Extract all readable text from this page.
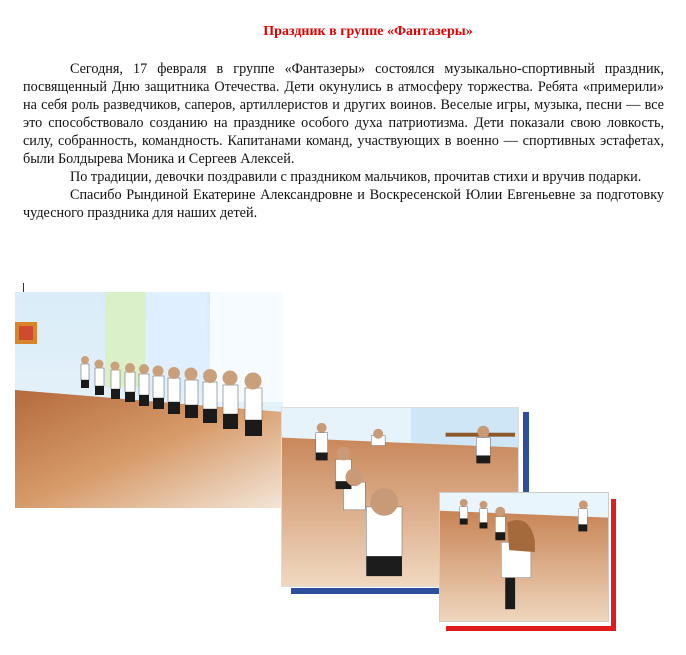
Праздник в группе «Фантазеры»

Сегодня, 17 февраля в группе «Фантазеры» состоялся музыкально-спортивный праздник, посвященный Дню защитника Отечества. Дети окунулись в атмосферу торжества. Ребята «примерили» на себя роль разведчиков, саперов, артиллеристов и других воинов. Веселые игры, музыка, песни — все это способствовало созданию на празднике особого духа патриотизма. Дети показали свою ловкость, силу, собранность, командность. Капитанами команд, участвующих в военно — спортивных эстафетах, были Болдырева Моника и Сергеев Алексей.

По традиции, девочки поздравили с праздником мальчиков, прочитав стихи и вручив подарки.

Спасибо Рындиной Екатерине Александровне и Воскресенской Юлии Евгеньевне за подготовку чудесного праздника для наших детей.
